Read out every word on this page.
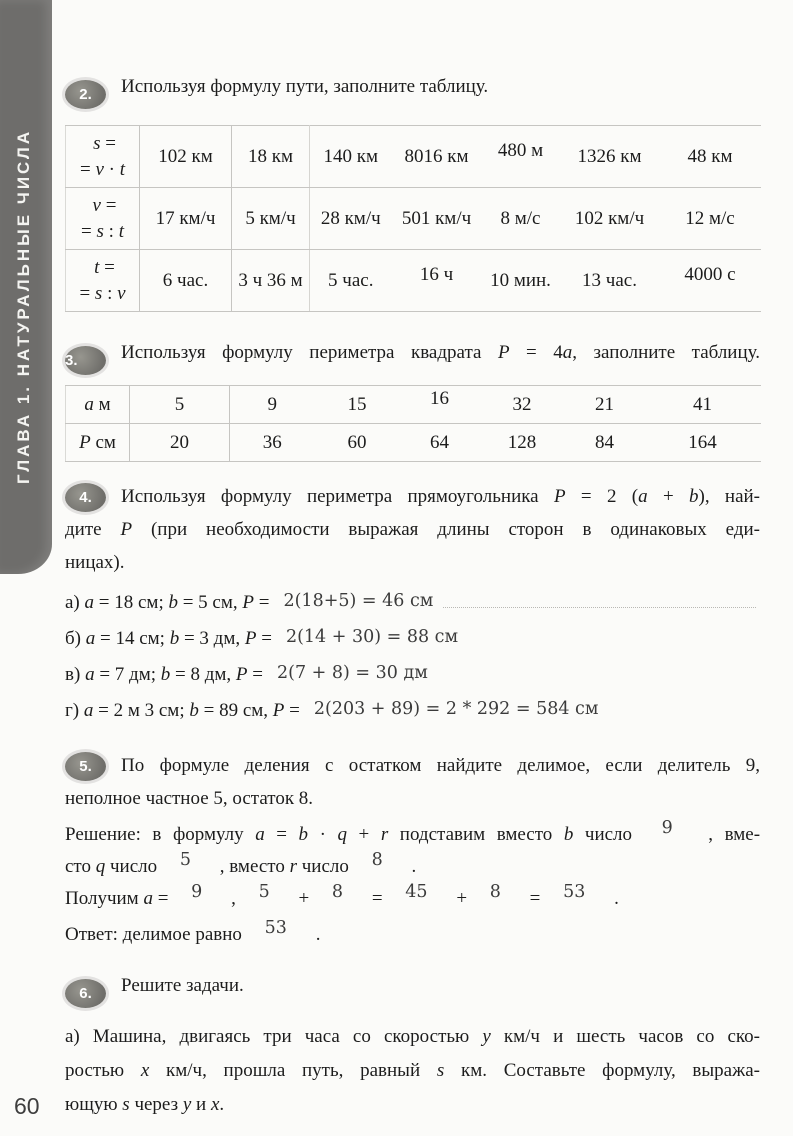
ГЛАВА 1. НАТУРАЛЬНЫЕ ЧИСЛА
2. Используя формулу пути, заполните таблицу.
s =
= v · t	102 км	18 км	140 км	8016 км	480 м	1326 км	48 км
v =
= s : t	17 км/ч	5 км/ч	28 км/ч	501 км/ч	8 м/с	102 км/ч	12 м/с
t =
= s : v	6 час.	3 ч 36 м	5 час.	16 ч	10 мин.	13 час.	4000 с
3. Используя формулу периметра квадрата P = 4a, заполните таблицу.
a м	5	9	15	16	32	21	41
P см	20	36	60	64	128	84	164
4.	Используя формулу периметра прямоугольника P = 2 (a + b), най-
дите P (при необходимости выражая длины сторон в одинаковых еди-
ницах).
а) a = 18 см; b = 5 см, P = 2(18+5) = 46 см
б) a = 14 см; b = 3 дм, P = 2(14 + 30) = 88 см
в) a = 7 дм; b = 8 дм, P = 2(7 + 8) = 30 дм
г) a = 2 м 3 см; b = 89 см, P = 2(203 + 89) = 2 * 292 = 584 см
5.	По формуле деления с остатком найдите делимое, если делитель 9,
неполное частное 5, остаток 8.
Решение: в формулу a = b · q + r подставим вместо b число 9 , вме-
сто q число 5 , вместо r число 8 .
Получим a = 9 , 5 + 8 = 45 + 8 = 53 .
Ответ: делимое равно 53 .
6. Решите задачи.
а) Машина, двигаясь три часа со скоростью y км/ч и шесть часов со ско-
ростью x км/ч, прошла путь, равный s км. Составьте формулу, выража-
ющую s через y и x.
60
